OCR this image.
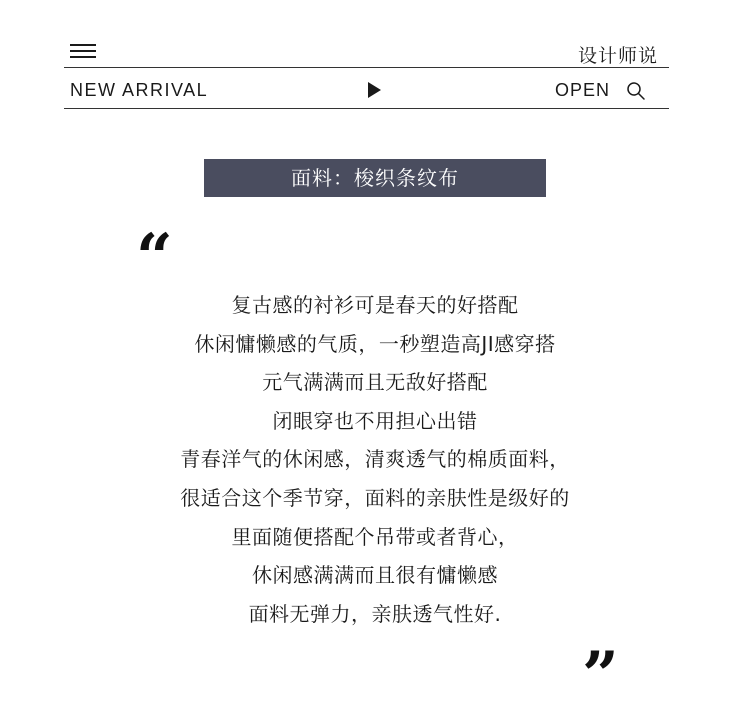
设计师说
NEW ARRIVAL	OPEN
面料：梭织条纹布
“
复古感的衬衫可是春天的好搭配
休闲慵懒感的气质，一秒塑造高JI感穿搭
元气满满而且无敌好搭配
闭眼穿也不用担心出错
青春洋气的休闲感，清爽透气的棉质面料，
很适合这个季节穿，面料的亲肤性是级好的
里面随便搭配个吊带或者背心，
休闲感满满而且很有慵懒感
面料无弹力，亲肤透气性好.
”
